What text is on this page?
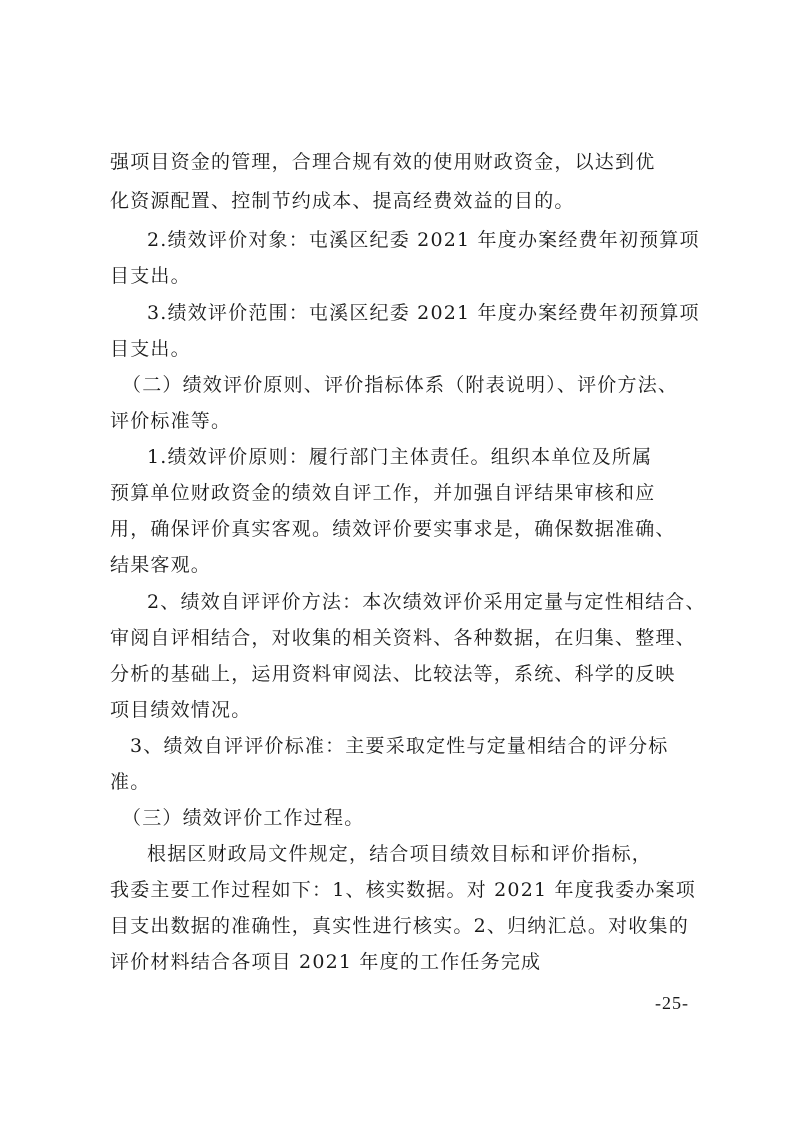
强项目资金的管理，合理合规有效的使用财政资金，以达到优
化资源配置、控制节约成本、提高经费效益的目的。
2.绩效评价对象：屯溪区纪委 2021 年度办案经费年初预算项
目支出。
3.绩效评价范围：屯溪区纪委 2021 年度办案经费年初预算项
目支出。
（二）绩效评价原则、评价指标体系（附表说明）、评价方法、
评价标准等。
1.绩效评价原则：履行部门主体责任。组织本单位及所属
预算单位财政资金的绩效自评工作，并加强自评结果审核和应
用，确保评价真实客观。绩效评价要实事求是，确保数据准确、
结果客观。
2、绩效自评评价方法：本次绩效评价采用定量与定性相结合、
审阅自评相结合，对收集的相关资料、各种数据，在归集、整理、
分析的基础上，运用资料审阅法、比较法等，系统、科学的反映
项目绩效情况。
3、绩效自评评价标准：主要采取定性与定量相结合的评分标
准。
（三）绩效评价工作过程。
根据区财政局文件规定，结合项目绩效目标和评价指标，
我委主要工作过程如下：1、核实数据。对 2021 年度我委办案项
目支出数据的准确性，真实性进行核实。2、归纳汇总。对收集的
评价材料结合各项目 2021 年度的工作任务完成
-25-
